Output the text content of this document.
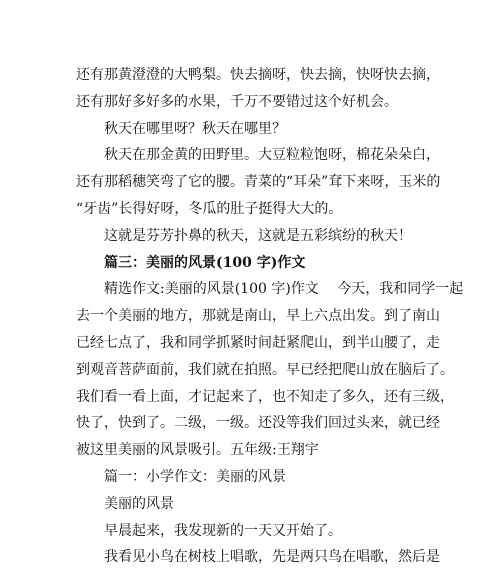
还有那黄澄澄的大鸭梨。快去摘呀，快去摘，快呀快去摘，
还有那好多好多的水果，千万不要错过这个好机会。
秋天在哪里呀？秋天在哪里？
秋天在那金黄的田野里。大豆粒粒饱呀，棉花朵朵白，
还有那稻穗笑弯了它的腰。青菜的“耳朵”耷下来呀，玉米的
“牙齿”长得好呀，冬瓜的肚子挺得大大的。
这就是芬芳扑鼻的秋天，这就是五彩缤纷的秋天！
篇三：美丽的风景(100 字)作文
精选作文:美丽的风景(100 字)作文　 今天，我和同学一起
去一个美丽的地方，那就是南山，早上六点出发。到了南山
已经七点了，我和同学抓紧时间赶紧爬山，到半山腰了，走
到观音菩萨面前，我们就在拍照。早已经把爬山放在脑后了。
我们看一看上面，才记起来了，也不知走了多久，还有三级，
快了，快到了。二级，一级。还没等我们回过头来，就已经
被这里美丽的风景吸引。五年级:王翔宇
篇一：小学作文：美丽的风景
美丽的风景
早晨起来，我发现新的一天又开始了。
我看见小鸟在树枝上唱歌，先是两只鸟在唱歌，然后是
